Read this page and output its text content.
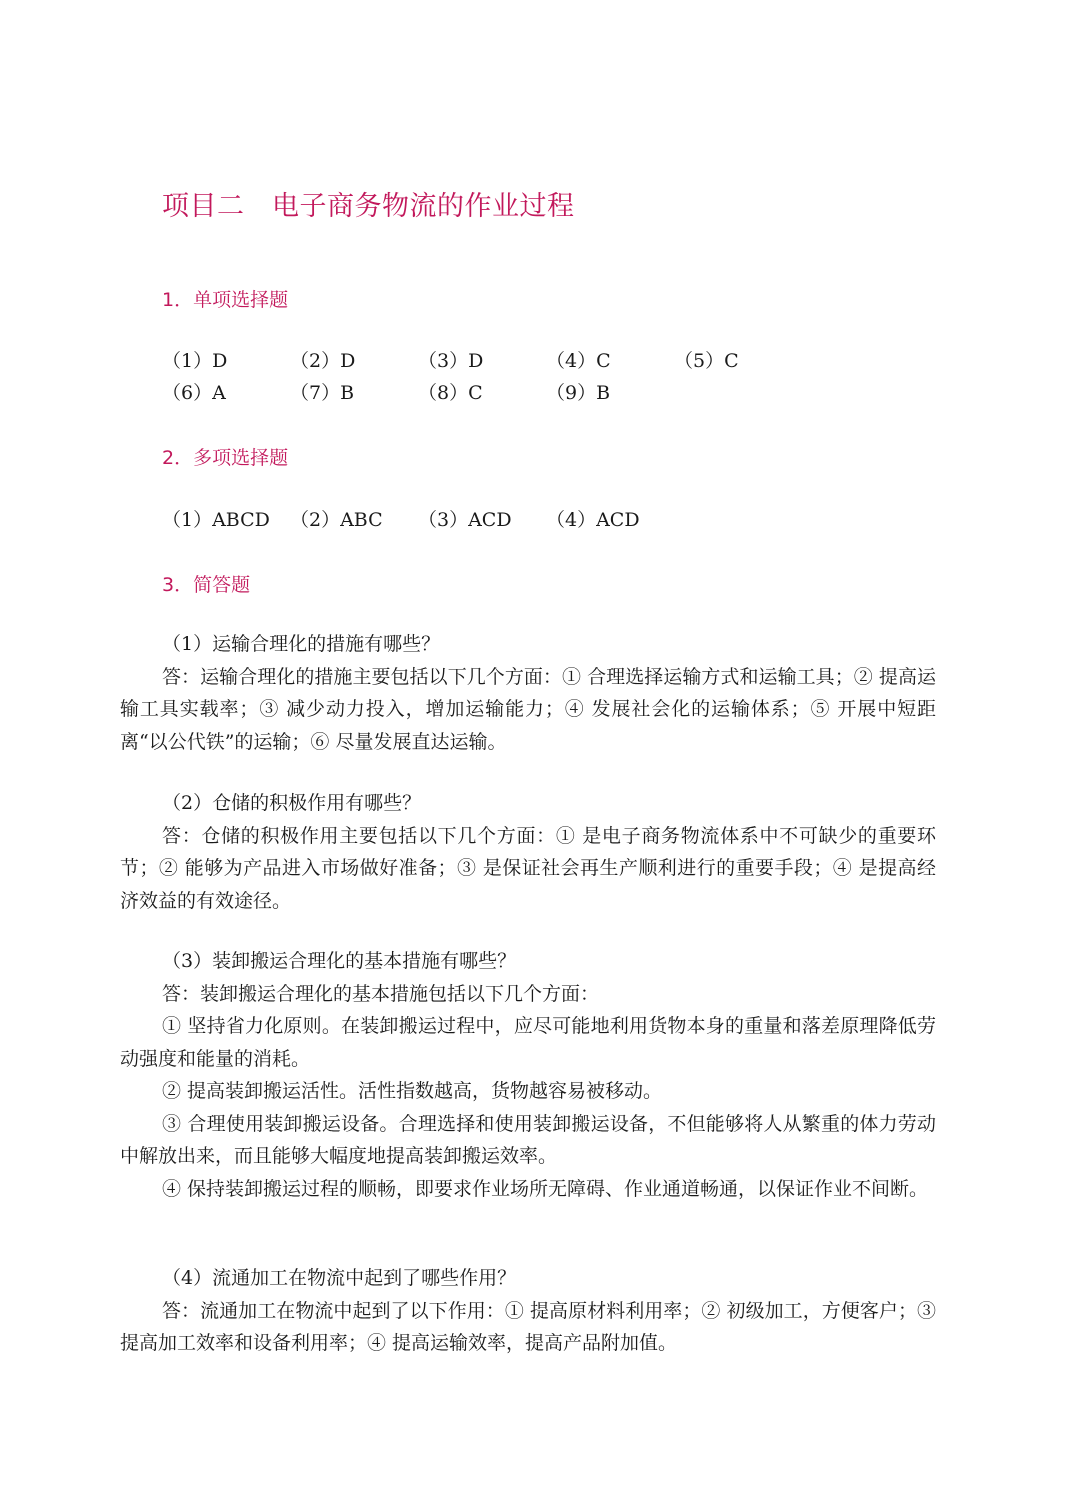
项目二　电子商务物流的作业过程
1．单项选择题
（1）D	（2）D	（3）D	（4）C	（5）C
（6）A	（7）B	（8）C	（9）B
2．多项选择题
（1）ABCD （2）ABC （3）ACD （4）ACD
3．简答题
（1）运输合理化的措施有哪些？
答：运输合理化的措施主要包括以下几个方面：① 合理选择运输方式和运输工具；② 提高运输工具实载率；③ 减少动力投入，增加运输能力；④ 发展社会化的运输体系；⑤ 开展中短距离“以公代铁”的运输；⑥ 尽量发展直达运输。
（2）仓储的积极作用有哪些？
答：仓储的积极作用主要包括以下几个方面：① 是电子商务物流体系中不可缺少的重要环节；② 能够为产品进入市场做好准备；③ 是保证社会再生产顺利进行的重要手段；④ 是提高经济效益的有效途径。
（3）装卸搬运合理化的基本措施有哪些？
答：装卸搬运合理化的基本措施包括以下几个方面：
① 坚持省力化原则。在装卸搬运过程中，应尽可能地利用货物本身的重量和落差原理降低劳动强度和能量的消耗。
② 提高装卸搬运活性。活性指数越高，货物越容易被移动。
③ 合理使用装卸搬运设备。合理选择和使用装卸搬运设备，不但能够将人从繁重的体力劳动中解放出来，而且能够大幅度地提高装卸搬运效率。
④ 保持装卸搬运过程的顺畅，即要求作业场所无障碍、作业通道畅通，以保证作业不间断。
（4）流通加工在物流中起到了哪些作用？
答：流通加工在物流中起到了以下作用：① 提高原材料利用率；② 初级加工，方便客户；③ 提高加工效率和设备利用率；④ 提高运输效率，提高产品附加值。
